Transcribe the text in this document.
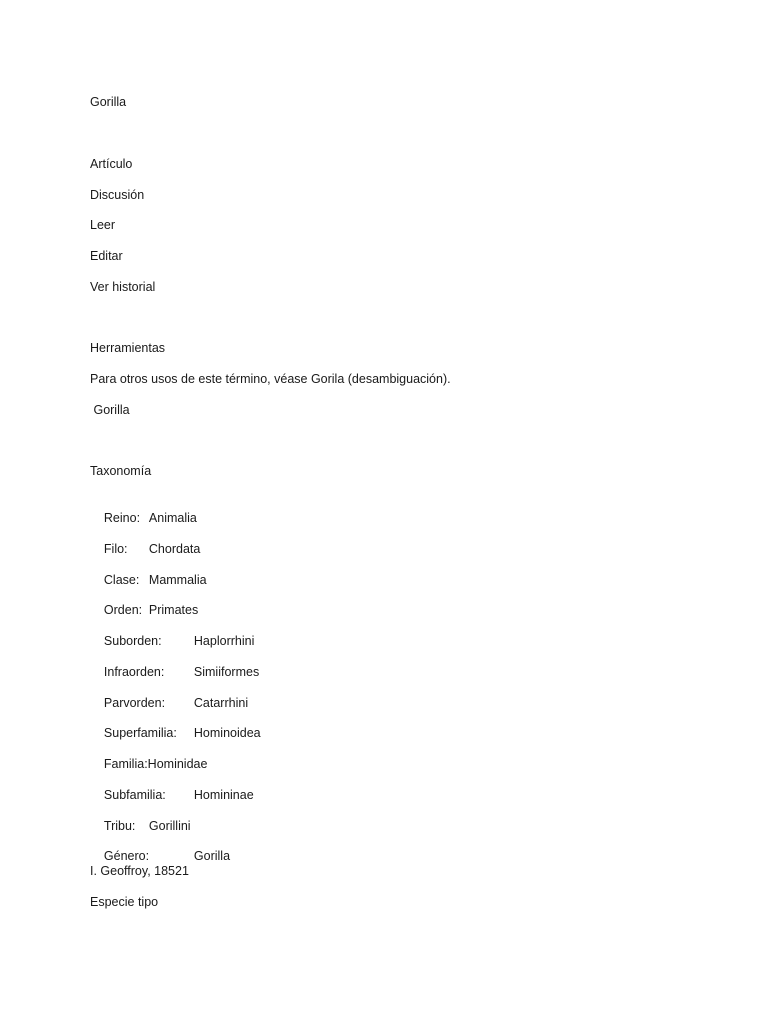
Gorilla
Artículo
Discusión
Leer
Editar
Ver historial
Herramientas
Para otros usos de este término, véase Gorila (desambiguación).
Gorilla
Taxonomía

Reino: Animalia

Filo: Chordata

Clase: Mammalia

Orden: Primates

Suborden:	Haplorrhini

Infraorden: Simiiformes

Parvorden: Catarrhini

Superfamilia: Hominoidea

Familia:Hominidae

Subfamilia: Homininae

Tribu: Gorillini

Género:	Gorilla

I. Geoffroy, 18521
Especie tipo
